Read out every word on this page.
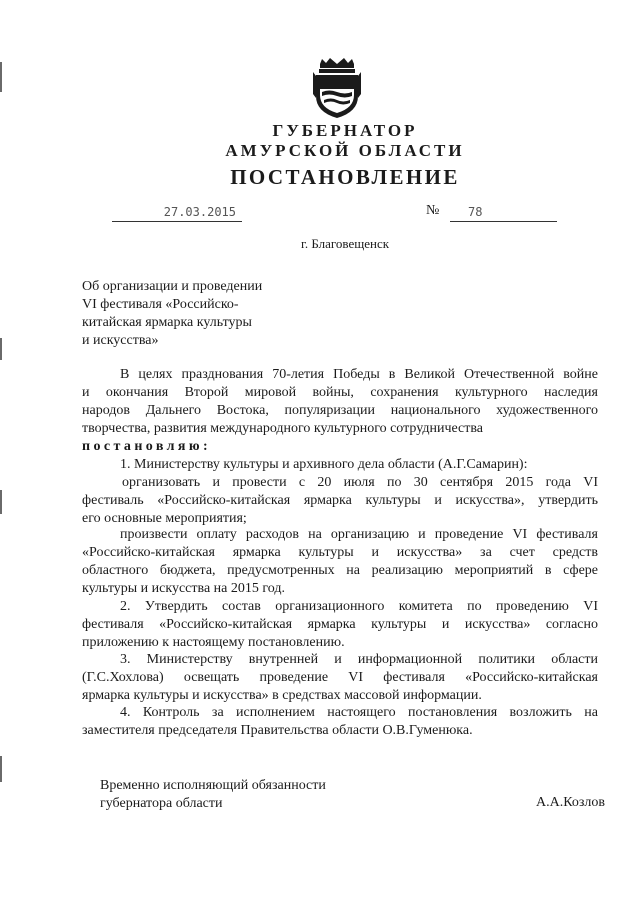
ГУБЕРНАТОР
АМУРСКОЙ ОБЛАСТИ
ПОСТАНОВЛЕНИЕ
27.03.2015	№	78
г. Благовещенск
Об организации и проведении
VI фестиваля «Российско-
китайская ярмарка культуры
и искусства»
В целях празднования 70-летия Победы в Великой Отечественной войне
и окончания Второй мировой войны, сохранения культурного наследия
народов Дальнего Востока, популяризации национального художественного
творчества, развития международного культурного сотрудничества
постановляю:
1. Министерству культуры и архивного дела области (А.Г.Самарин):
организовать и провести с 20 июля по 30 сентября 2015 года VI
фестиваль «Российско-китайская ярмарка культуры и искусства», утвердить
его основные мероприятия;
произвести оплату расходов на организацию и проведение VI фестиваля
«Российско-китайская ярмарка культуры и искусства» за счет средств
областного бюджета, предусмотренных на реализацию мероприятий в сфере
культуры и искусства на 2015 год.
2. Утвердить состав организационного комитета по проведению VI
фестиваля «Российско-китайская ярмарка культуры и искусства» согласно
приложению к настоящему постановлению.
3. Министерству внутренней и информационной политики области
(Г.С.Хохлова) освещать проведение VI фестиваля «Российско-китайская
ярмарка культуры и искусства» в средствах массовой информации.
4. Контроль за исполнением настоящего постановления возложить на
заместителя председателя Правительства области О.В.Гуменюка.
Временно исполняющий обязанности
губернатора области	А.А.Козлов
